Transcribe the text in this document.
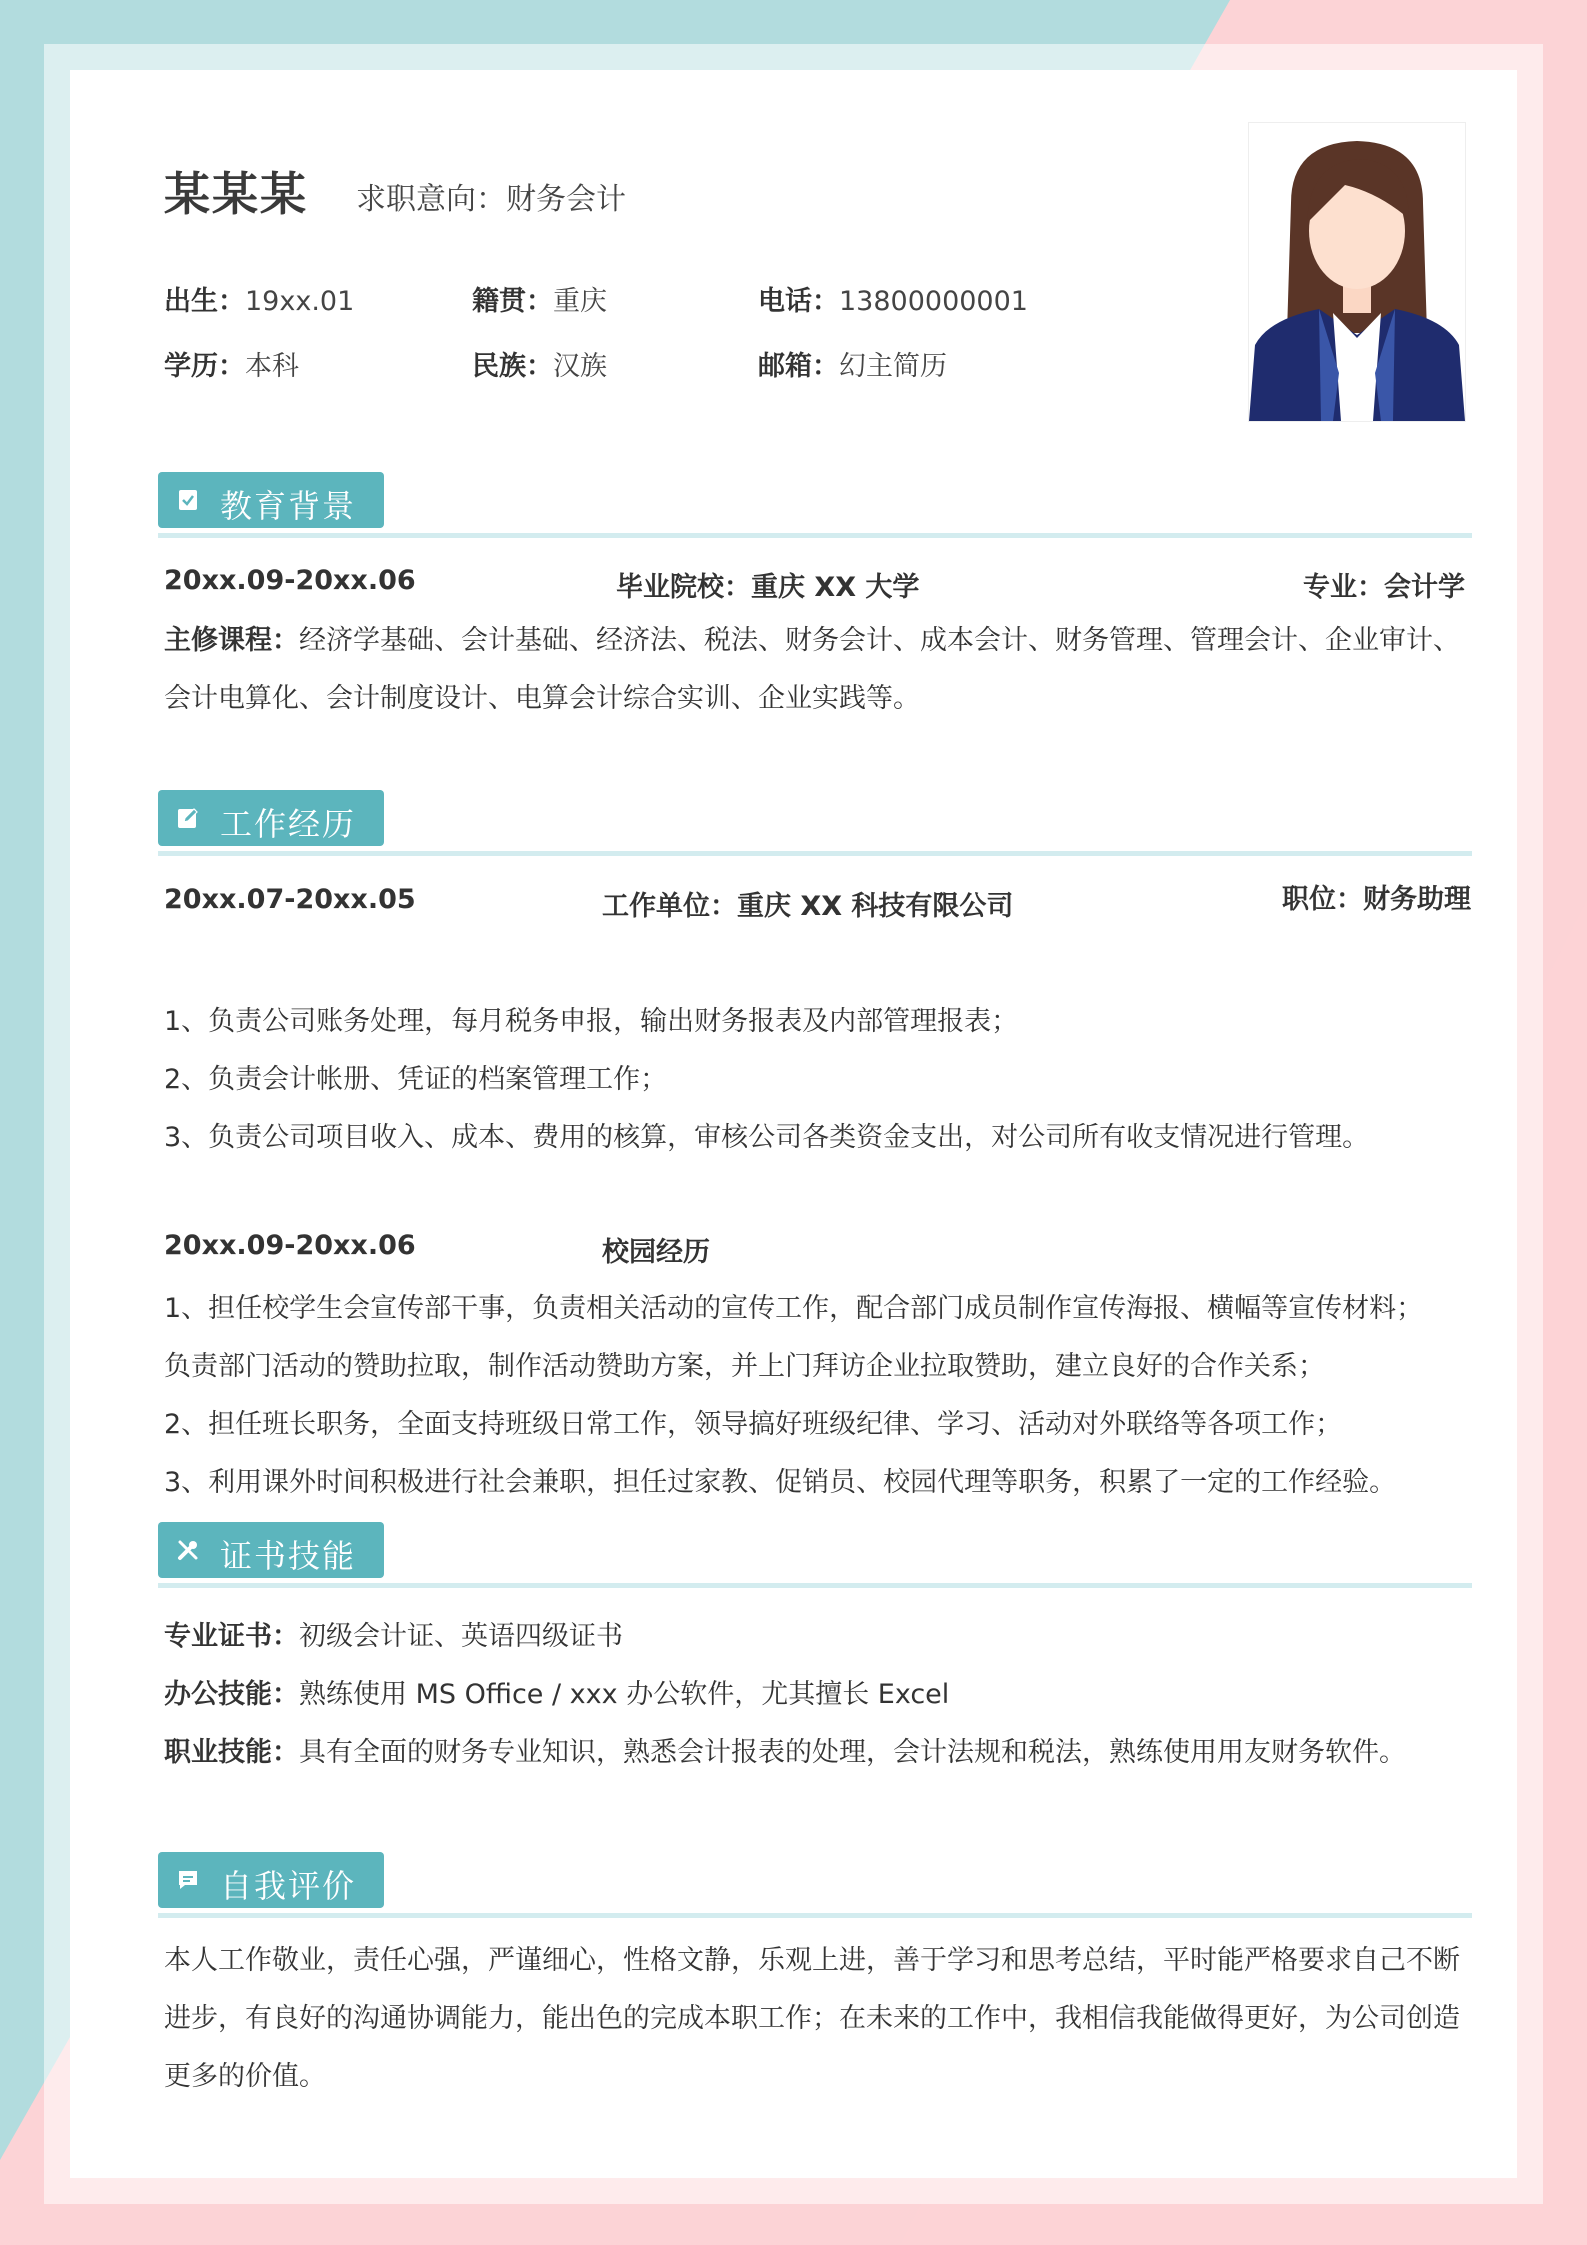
某某某 求职意向：财务会计
出生：19xx.01	籍贯：重庆	电话：13800000001
学历：本科	民族：汉族	邮箱：幻主简历
教育背景
20xx.09-20xx.06	毕业院校：重庆 XX 大学	专业：会计学
主修课程：经济学基础、会计基础、经济法、税法、财务会计、成本会计、财务管理、管理会计、企业审计、会计电算化、会计制度设计、电算会计综合实训、企业实践等。
工作经历
20xx.07-20xx.05	工作单位：重庆 XX 科技有限公司	职位：财务助理
1、负责公司账务处理，每月税务申报，输出财务报表及内部管理报表；
2、负责会计帐册、凭证的档案管理工作；
3、负责公司项目收入、成本、费用的核算，审核公司各类资金支出，对公司所有收支情况进行管理。
20xx.09-20xx.06	校园经历
1、担任校学生会宣传部干事，负责相关活动的宣传工作，配合部门成员制作宣传海报、横幅等宣传材料；
负责部门活动的赞助拉取，制作活动赞助方案，并上门拜访企业拉取赞助，建立良好的合作关系；
2、担任班长职务，全面支持班级日常工作，领导搞好班级纪律、学习、活动对外联络等各项工作；
3、利用课外时间积极进行社会兼职，担任过家教、促销员、校园代理等职务，积累了一定的工作经验。
证书技能
专业证书：初级会计证、英语四级证书
办公技能：熟练使用 MS Office / xxx 办公软件，尤其擅长 Excel
职业技能：具有全面的财务专业知识，熟悉会计报表的处理，会计法规和税法，熟练使用用友财务软件。
自我评价
本人工作敬业，责任心强，严谨细心，性格文静，乐观上进，善于学习和思考总结，平时能严格要求自己不断进步，有良好的沟通协调能力，能出色的完成本职工作；在未来的工作中，我相信我能做得更好，为公司创造更多的价值。
